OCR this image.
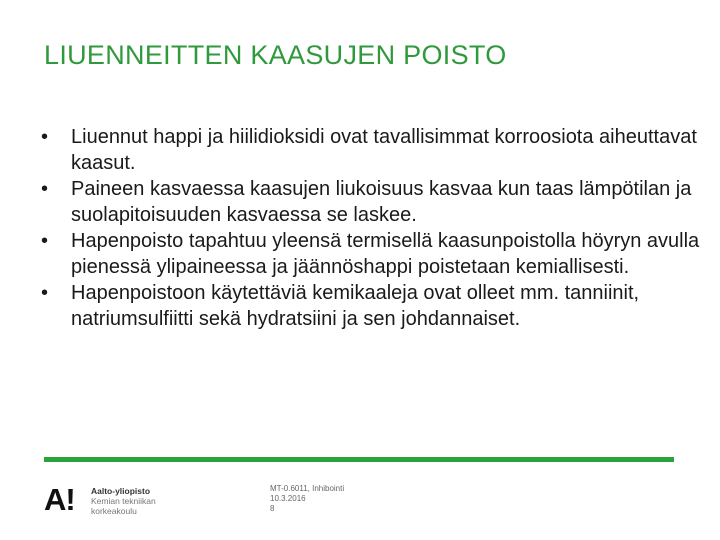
LIUENNEITTEN KAASUJEN POISTO
• Liuennut happi ja hiilidioksidi ovat tavallisimmat korroosiota aiheuttavat kaasut.
• Paineen kasvaessa kaasujen liukoisuus kasvaa kun taas lämpötilan ja suolapitoisuuden kasvaessa se laskee.
• Hapenpoisto tapahtuu yleensä termisellä kaasunpoistolla höyryn avulla pienessä ylipaineessa ja jäännöshappi poistetaan kemiallisesti.
• Hapenpoistoon käytettäviä kemikaaleja ovat olleet mm. tanniinit, natriumsulfiitti sekä hydratsiini ja sen johdannaiset.
A! Aalto-yliopisto
Kemian tekniikan
korkeakoulu
MT-0.6011, Inhibointi
10.3.2016
8
